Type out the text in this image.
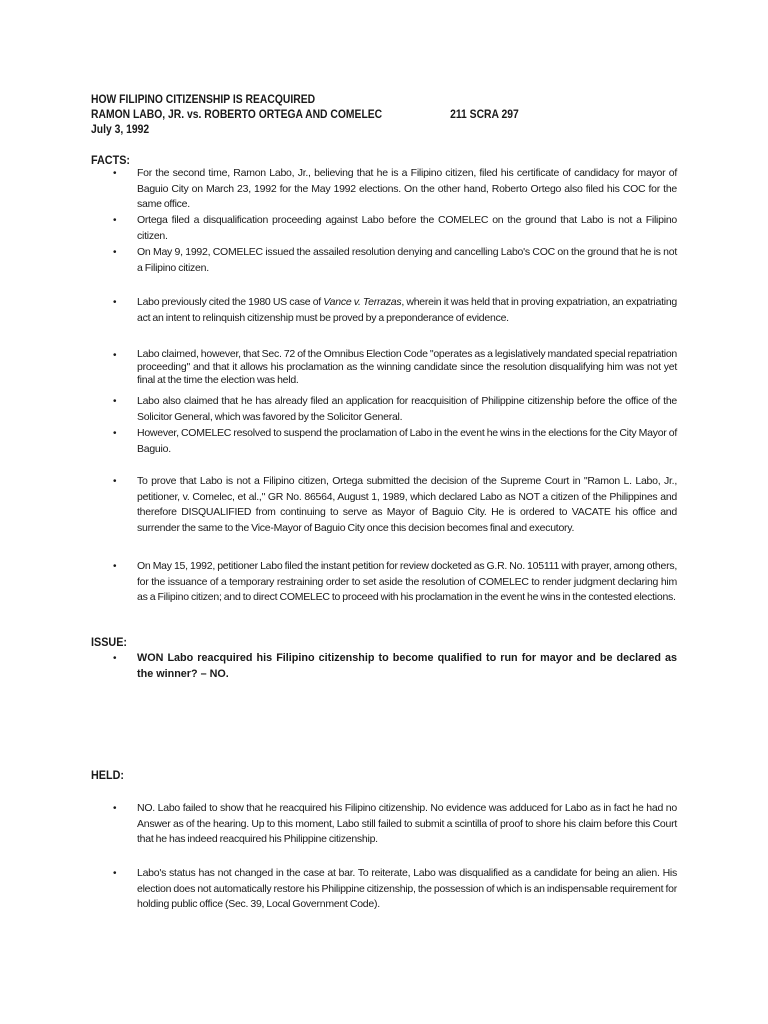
HOW FILIPINO CITIZENSHIP IS REACQUIRED
RAMON LABO, JR. vs. ROBERTO ORTEGA AND COMELEC	211 SCRA 297
July 3, 1992
FACTS:
• For the second time, Ramon Labo, Jr., believing that he is a Filipino citizen, filed his certificate of candidacy for mayor of Baguio City on March 23, 1992 for the May 1992 elections. On the other hand, Roberto Ortego also filed his COC for the same office.
• Ortega filed a disqualification proceeding against Labo before the COMELEC on the ground that Labo is not a Filipino citizen.
• On May 9, 1992, COMELEC issued the assailed resolution denying and cancelling Labo's COC on the ground that he is not a Filipino citizen.
• Labo previously cited the 1980 US case of Vance v. Terrazas, wherein it was held that in proving expatriation, an expatriating act an intent to relinquish citizenship must be proved by a preponderance of evidence.
• Labo claimed, however, that Sec. 72 of the Omnibus Election Code "operates as a legislatively mandated special repatriation proceeding" and that it allows his proclamation as the winning candidate since the resolution disqualifying him was not yet final at the time the election was held.
• Labo also claimed that he has already filed an application for reacquisition of Philippine citizenship before the office of the Solicitor General, which was favored by the Solicitor General.
• However, COMELEC resolved to suspend the proclamation of Labo in the event he wins in the elections for the City Mayor of Baguio.
• To prove that Labo is not a Filipino citizen, Ortega submitted the decision of the Supreme Court in "Ramon L. Labo, Jr., petitioner, v. Comelec, et al.," GR No. 86564, August 1, 1989, which declared Labo as NOT a citizen of the Philippines and therefore DISQUALIFIED from continuing to serve as Mayor of Baguio City. He is ordered to VACATE his office and surrender the same to the Vice-Mayor of Baguio City once this decision becomes final and executory.
• On May 15, 1992, petitioner Labo filed the instant petition for review docketed as G.R. No. 105111 with prayer, among others, for the issuance of a temporary restraining order to set aside the resolution of COMELEC to render judgment declaring him as a Filipino citizen; and to direct COMELEC to proceed with his proclamation in the event he wins in the contested elections.
ISSUE:
• WON Labo reacquired his Filipino citizenship to become qualified to run for mayor and be declared as the winner? – NO.
HELD:
• NO. Labo failed to show that he reacquired his Filipino citizenship. No evidence was adduced for Labo as in fact he had no Answer as of the hearing. Up to this moment, Labo still failed to submit a scintilla of proof to shore his claim before this Court that he has indeed reacquired his Philippine citizenship.
• Labo's status has not changed in the case at bar. To reiterate, Labo was disqualified as a candidate for being an alien. His election does not automatically restore his Philippine citizenship, the possession of which is an indispensable requirement for holding public office (Sec. 39, Local Government Code).
